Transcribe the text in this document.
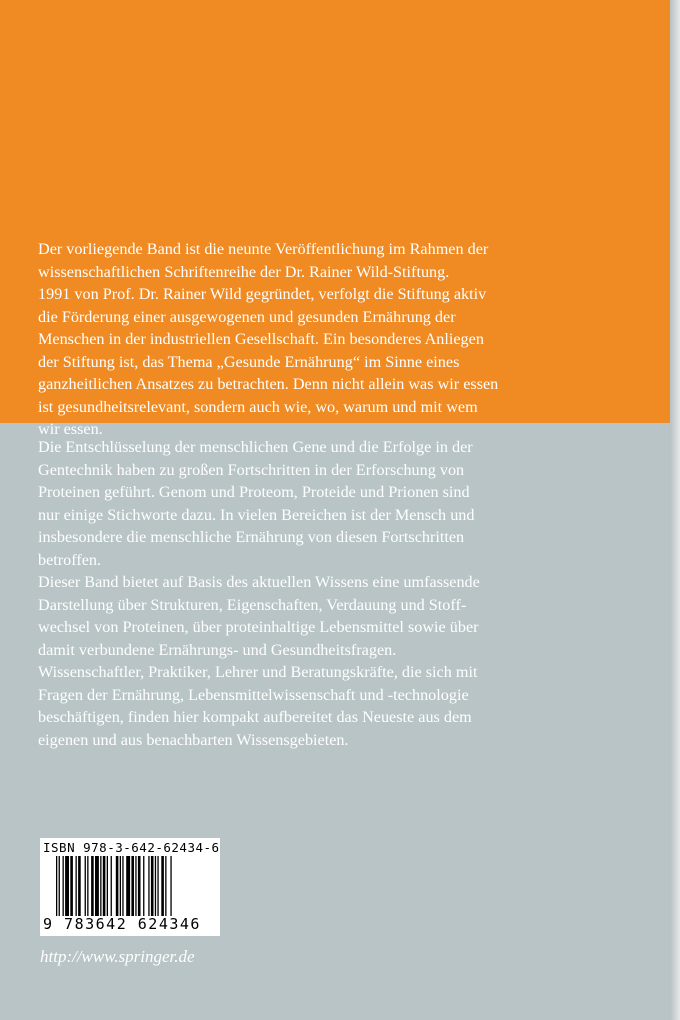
Der vorliegende Band ist die neunte Veröffentlichung im Rahmen der
wissenschaftlichen Schriftenreihe der Dr. Rainer Wild-Stiftung.
1991 von Prof. Dr. Rainer Wild gegründet, verfolgt die Stiftung aktiv
die Förderung einer ausgewogenen und gesunden Ernährung der
Menschen in der industriellen Gesellschaft. Ein besonderes Anliegen
der Stiftung ist, das Thema „Gesunde Ernährung“ im Sinne eines
ganzheitlichen Ansatzes zu betrachten. Denn nicht allein was wir essen
ist gesundheitsrelevant, sondern auch wie, wo, warum und mit wem
wir essen.
Die Entschlüsselung der menschlichen Gene und die Erfolge in der
Gentechnik haben zu großen Fortschritten in der Erforschung von
Proteinen geführt. Genom und Proteom, Proteide und Prionen sind
nur einige Stichworte dazu. In vielen Bereichen ist der Mensch und
insbesondere die menschliche Ernährung von diesen Fortschritten
betroffen.
Dieser Band bietet auf Basis des aktuellen Wissens eine umfassende
Darstellung über Strukturen, Eigenschaften, Verdauung und Stoff-
wechsel von Proteinen, über proteinhaltige Lebensmittel sowie über
damit verbundene Ernährungs- und Gesundheitsfragen.
Wissenschaftler, Praktiker, Lehrer und Beratungskräfte, die sich mit
Fragen der Ernährung, Lebensmittelwissenschaft und -technologie
beschäftigen, finden hier kompakt aufbereitet das Neueste aus dem
eigenen und aus benachbarten Wissensgebieten.
ISBN 978-3-642-62434-6
9 783642 624346
http://www.springer.de
